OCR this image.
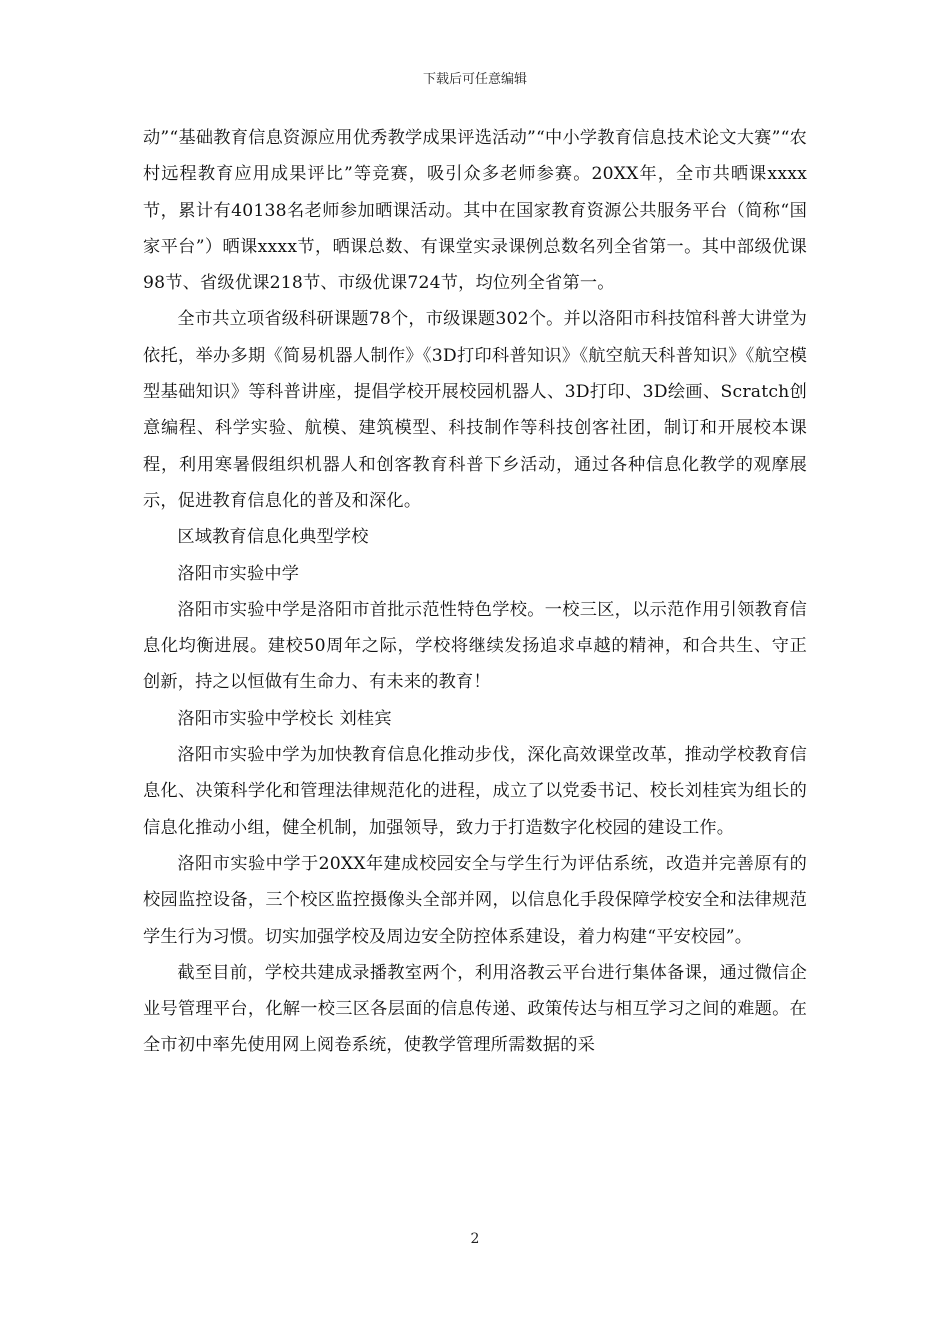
下载后可任意编辑

动”“基础教育信息资源应用优秀教学成果评选活动”“中小学教育信息技术论文大赛”“农村远程教育应用成果评比”等竞赛，吸引众多老师参赛。20XX年，全市共晒课xxxx节，累计有40138名老师参加晒课活动。其中在国家教育资源公共服务平台（简称“国家平台”）晒课xxxx节，晒课总数、有课堂实录课例总数名列全省第一。其中部级优课98节、省级优课218节、市级优课724节，均位列全省第一。

全市共立项省级科研课题78个，市级课题302个。并以洛阳市科技馆科普大讲堂为依托，举办多期《简易机器人制作》《3D打印科普知识》《航空航天科普知识》《航空模型基础知识》等科普讲座，提倡学校开展校园机器人、3D打印、3D绘画、Scratch创意编程、科学实验、航模、建筑模型、科技制作等科技创客社团，制订和开展校本课程，利用寒暑假组织机器人和创客教育科普下乡活动，通过各种信息化教学的观摩展示，促进教育信息化的普及和深化。

区域教育信息化典型学校

洛阳市实验中学

洛阳市实验中学是洛阳市首批示范性特色学校。一校三区，以示范作用引领教育信息化均衡进展。建校50周年之际，学校将继续发扬追求卓越的精神，和合共生、守正创新，持之以恒做有生命力、有未来的教育！

洛阳市实验中学校长 刘桂宾

洛阳市实验中学为加快教育信息化推动步伐，深化高效课堂改革，推动学校教育信息化、决策科学化和管理法律规范化的进程，成立了以党委书记、校长刘桂宾为组长的信息化推动小组，健全机制，加强领导，致力于打造数字化校园的建设工作。

洛阳市实验中学于20XX年建成校园安全与学生行为评估系统，改造并完善原有的校园监控设备，三个校区监控摄像头全部并网，以信息化手段保障学校安全和法律规范学生行为习惯。切实加强学校及周边安全防控体系建设，着力构建“平安校园”。

截至目前，学校共建成录播教室两个，利用洛教云平台进行集体备课，通过微信企业号管理平台，化解一校三区各层面的信息传递、政策传达与相互学习之间的难题。在全市初中率先使用网上阅卷系统，使教学管理所需数据的采

2
